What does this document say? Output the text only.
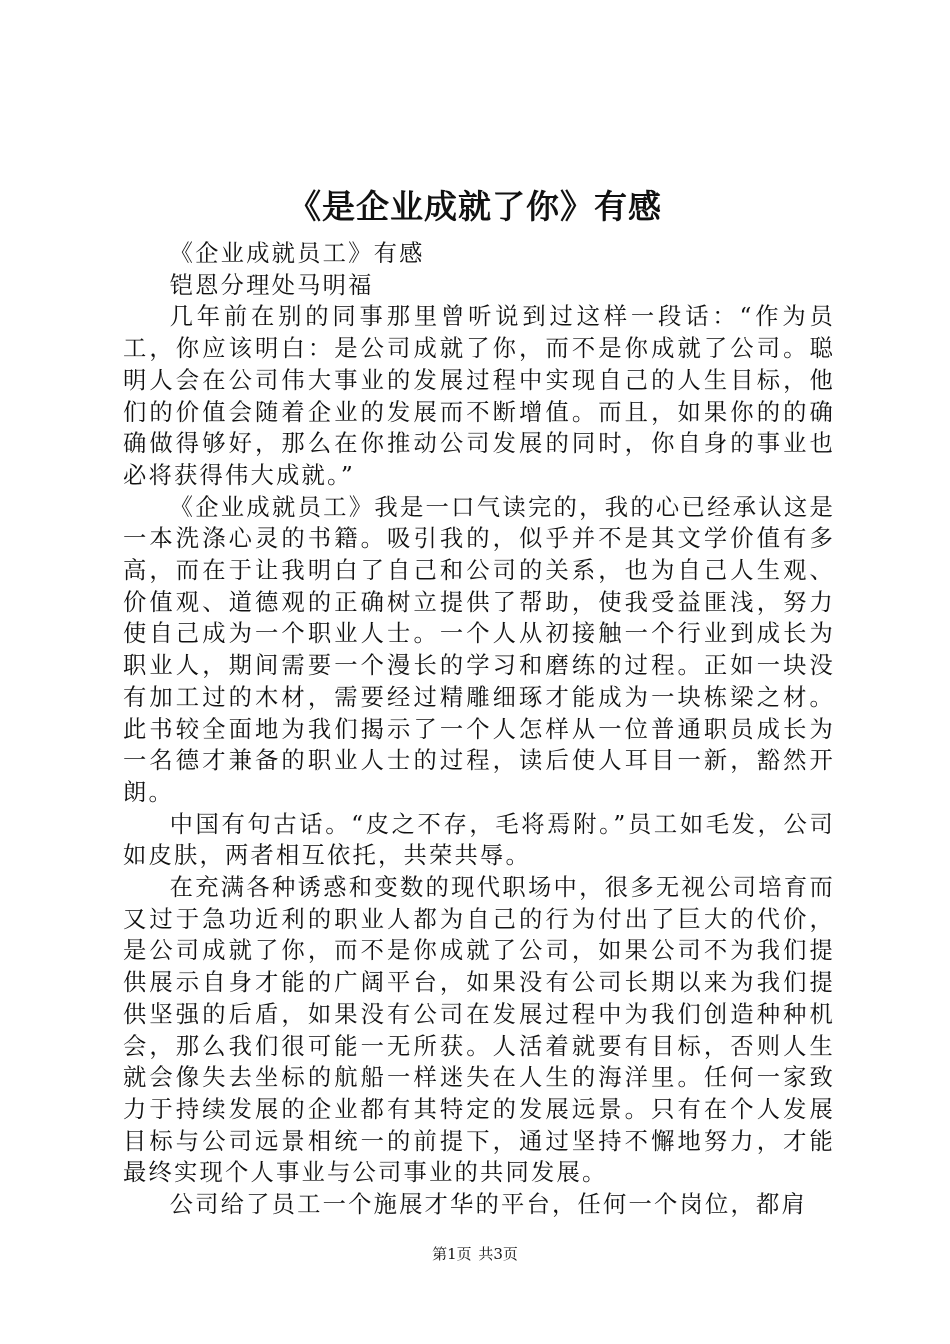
《是企业成就了你》有感

《企业成就员工》有感

铠恩分理处马明福

几年前在别的同事那里曾听说到过这样一段话：“作为员工，你应该明白：是公司成就了你，而不是你成就了公司。聪明人会在公司伟大事业的发展过程中实现自己的人生目标，他们的价值会随着企业的发展而不断增值。而且，如果你的的确确做得够好，那么在你推动公司发展的同时，你自身的事业也必将获得伟大成就。”

《企业成就员工》我是一口气读完的，我的心已经承认这是一本洗涤心灵的书籍。吸引我的，似乎并不是其文学价值有多高，而在于让我明白了自己和公司的关系，也为自己人生观、价值观、道德观的正确树立提供了帮助，使我受益匪浅，努力使自己成为一个职业人士。一个人从初接触一个行业到成长为职业人，期间需要一个漫长的学习和磨练的过程。正如一块没有加工过的木材，需要经过精雕细琢才能成为一块栋梁之材。此书较全面地为我们揭示了一个人怎样从一位普通职员成长为一名德才兼备的职业人士的过程，读后使人耳目一新，豁然开朗。

中国有句古话。“皮之不存，毛将焉附。”员工如毛发，公司如皮肤，两者相互依托，共荣共辱。

在充满各种诱惑和变数的现代职场中，很多无视公司培育而又过于急功近利的职业人都为自己的行为付出了巨大的代价，是公司成就了你，而不是你成就了公司，如果公司不为我们提供展示自身才能的广阔平台，如果没有公司长期以来为我们提供坚强的后盾，如果没有公司在发展过程中为我们创造种种机会，那么我们很可能一无所获。人活着就要有目标，否则人生就会像失去坐标的航船一样迷失在人生的海洋里。任何一家致力于持续发展的企业都有其特定的发展远景。只有在个人发展目标与公司远景相统一的前提下，通过坚持不懈地努力，才能最终实现个人事业与公司事业的共同发展。

公司给了员工一个施展才华的平台，任何一个岗位，都肩

第1页 共3页
